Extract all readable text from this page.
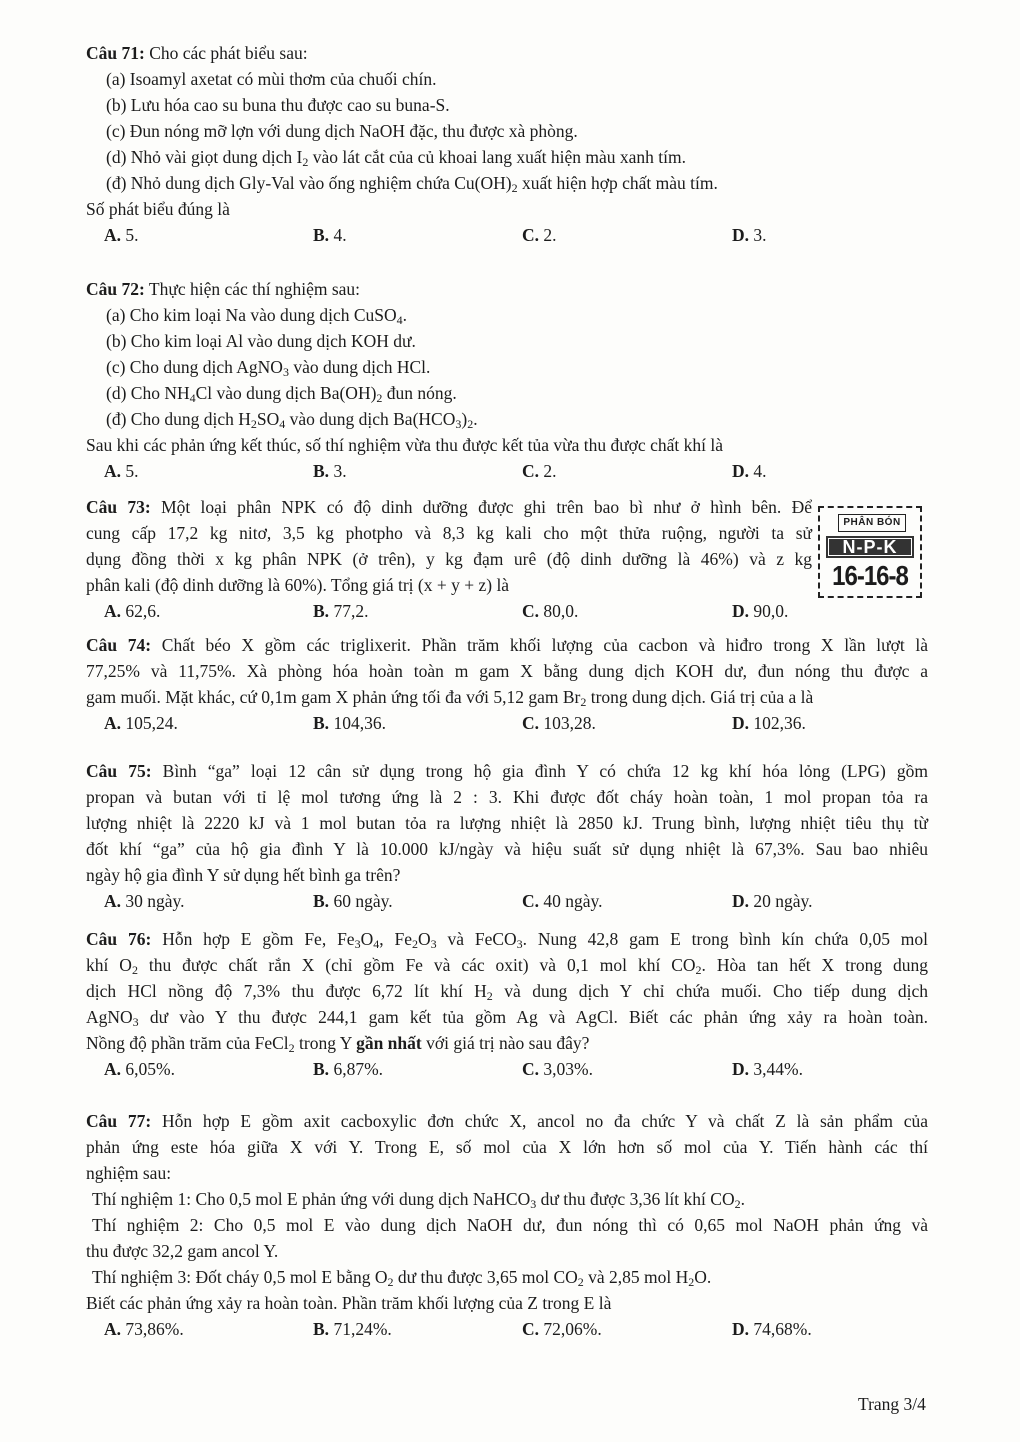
Câu 71: Cho các phát biểu sau:

(a) Isoamyl axetat có mùi thơm của chuối chín.

(b) Lưu hóa cao su buna thu được cao su buna-S.

(c) Đun nóng mỡ lợn với dung dịch NaOH đặc, thu được xà phòng.

(d) Nhỏ vài giọt dung dịch $I_2$ vào lát cắt của củ khoai lang xuất hiện màu xanh tím.

(đ) Nhỏ dung dịch Gly-Val vào ống nghiệm chứa $Cu(OH)_2$ xuất hiện hợp chất màu tím.

Số phát biểu đúng là

A. 5.	B. 4.	C. 2.	D. 3.

Câu 72: Thực hiện các thí nghiệm sau:

(a) Cho kim loại Na vào dung dịch CuSO$_4$.

(b) Cho kim loại Al vào dung dịch KOH dư.

(c) Cho dung dịch AgNO$_3$ vào dung dịch HCl.

(d) Cho $NH_4Cl$ vào dung dịch $Ba(OH)_2$ đun nóng.

(đ) Cho dung dịch $H_2SO_4$ vào dung dịch $Ba(HCO_3)_2$.

Sau khi các phản ứng kết thúc, số thí nghiệm vừa thu được kết tủa vừa thu được chất khí là

A. 5.	B. 3.	C. 2.	D. 4.

Câu 73: Một loại phân NPK có độ dinh dưỡng được ghi trên bao bì như ở hình bên. Để

cung cấp 17,2 kg nitơ, 3,5 kg photpho và 8,3 kg kali cho một thửa ruộng, người ta sử

dụng đồng thời x kg phân NPK (ở trên), y kg đạm urê (độ dinh dưỡng là 46%) và z kg

phân kali (độ dinh dưỡng là 60%). Tổng giá trị (x + y + z) là

A. 62,6.	B. 77,2.	C. 80,0.	D. 90,0.
PHÂN BÓN
N-P-K
16-16-8

Câu 74: Chất béo X gồm các triglixerit. Phần trăm khối lượng của cacbon và hiđro trong X lần lượt là

77,25% và 11,75%. Xà phòng hóa hoàn toàn m gam X bằng dung dịch KOH dư, đun nóng thu được a

gam muối. Mặt khác, cứ 0,1m gam X phản ứng tối đa với 5,12 gam $Br_2$ trong dung dịch. Giá trị của a là

A. 105,24.	B. 104,36.	C. 103,28.	D. 102,36.

Câu 75: Bình “ga” loại 12 cân sử dụng trong hộ gia đình Y có chứa 12 kg khí hóa lỏng (LPG) gồm

propan và butan với tỉ lệ mol tương ứng là 2 : 3. Khi được đốt cháy hoàn toàn, 1 mol propan tỏa ra

lượng nhiệt là 2220 kJ và 1 mol butan tỏa ra lượng nhiệt là 2850 kJ. Trung bình, lượng nhiệt tiêu thụ từ

đốt khí “ga” của hộ gia đình Y là 10.000 kJ/ngày và hiệu suất sử dụng nhiệt là 67,3%. Sau bao nhiêu

ngày hộ gia đình Y sử dụng hết bình ga trên?

A. 30 ngày.	B. 60 ngày.	C. 40 ngày.	D. 20 ngày.

Câu 76: Hỗn hợp E gồm Fe, $Fe_3O_4$, $Fe_2O_3$ và FeCO$_3$. Nung 42,8 gam E trong bình kín chứa 0,05 mol

khí $O_2$ thu được chất rắn X (chỉ gồm Fe và các oxit) và 0,1 mol khí $CO_2$. Hòa tan hết X trong dung

dịch HCl nồng độ 7,3% thu được 6,72 lít khí $H_2$ và dung dịch Y chỉ chứa muối. Cho tiếp dung dịch

AgNO$_3$ dư vào Y thu được 244,1 gam kết tủa gồm Ag và AgCl. Biết các phản ứng xảy ra hoàn toàn.

Nồng độ phần trăm của FeCl$_2$ trong Y gần nhất với giá trị nào sau đây?

A. 6,05%.	B. 6,87%.	C. 3,03%.	D. 3,44%.

Câu 77: Hỗn hợp E gồm axit cacboxylic đơn chức X, ancol no đa chức Y và chất Z là sản phẩm của

phản ứng este hóa giữa X với Y. Trong E, số mol của X lớn hơn số mol của Y. Tiến hành các thí

nghiệm sau:

Thí nghiệm 1: Cho 0,5 mol E phản ứng với dung dịch NaHCO$_3$ dư thu được 3,36 lít khí $CO_2$.

Thí nghiệm 2: Cho 0,5 mol E vào dung dịch NaOH dư, đun nóng thì có 0,65 mol NaOH phản ứng và

thu được 32,2 gam ancol Y.

Thí nghiệm 3: Đốt cháy 0,5 mol E bằng $O_2$ dư thu được 3,65 mol $CO_2$ và 2,85 mol $H_2O$.

Biết các phản ứng xảy ra hoàn toàn. Phần trăm khối lượng của Z trong E là

A. 73,86%.	B. 71,24%.	C. 72,06%.	D. 74,68%.
Trang 3/4
